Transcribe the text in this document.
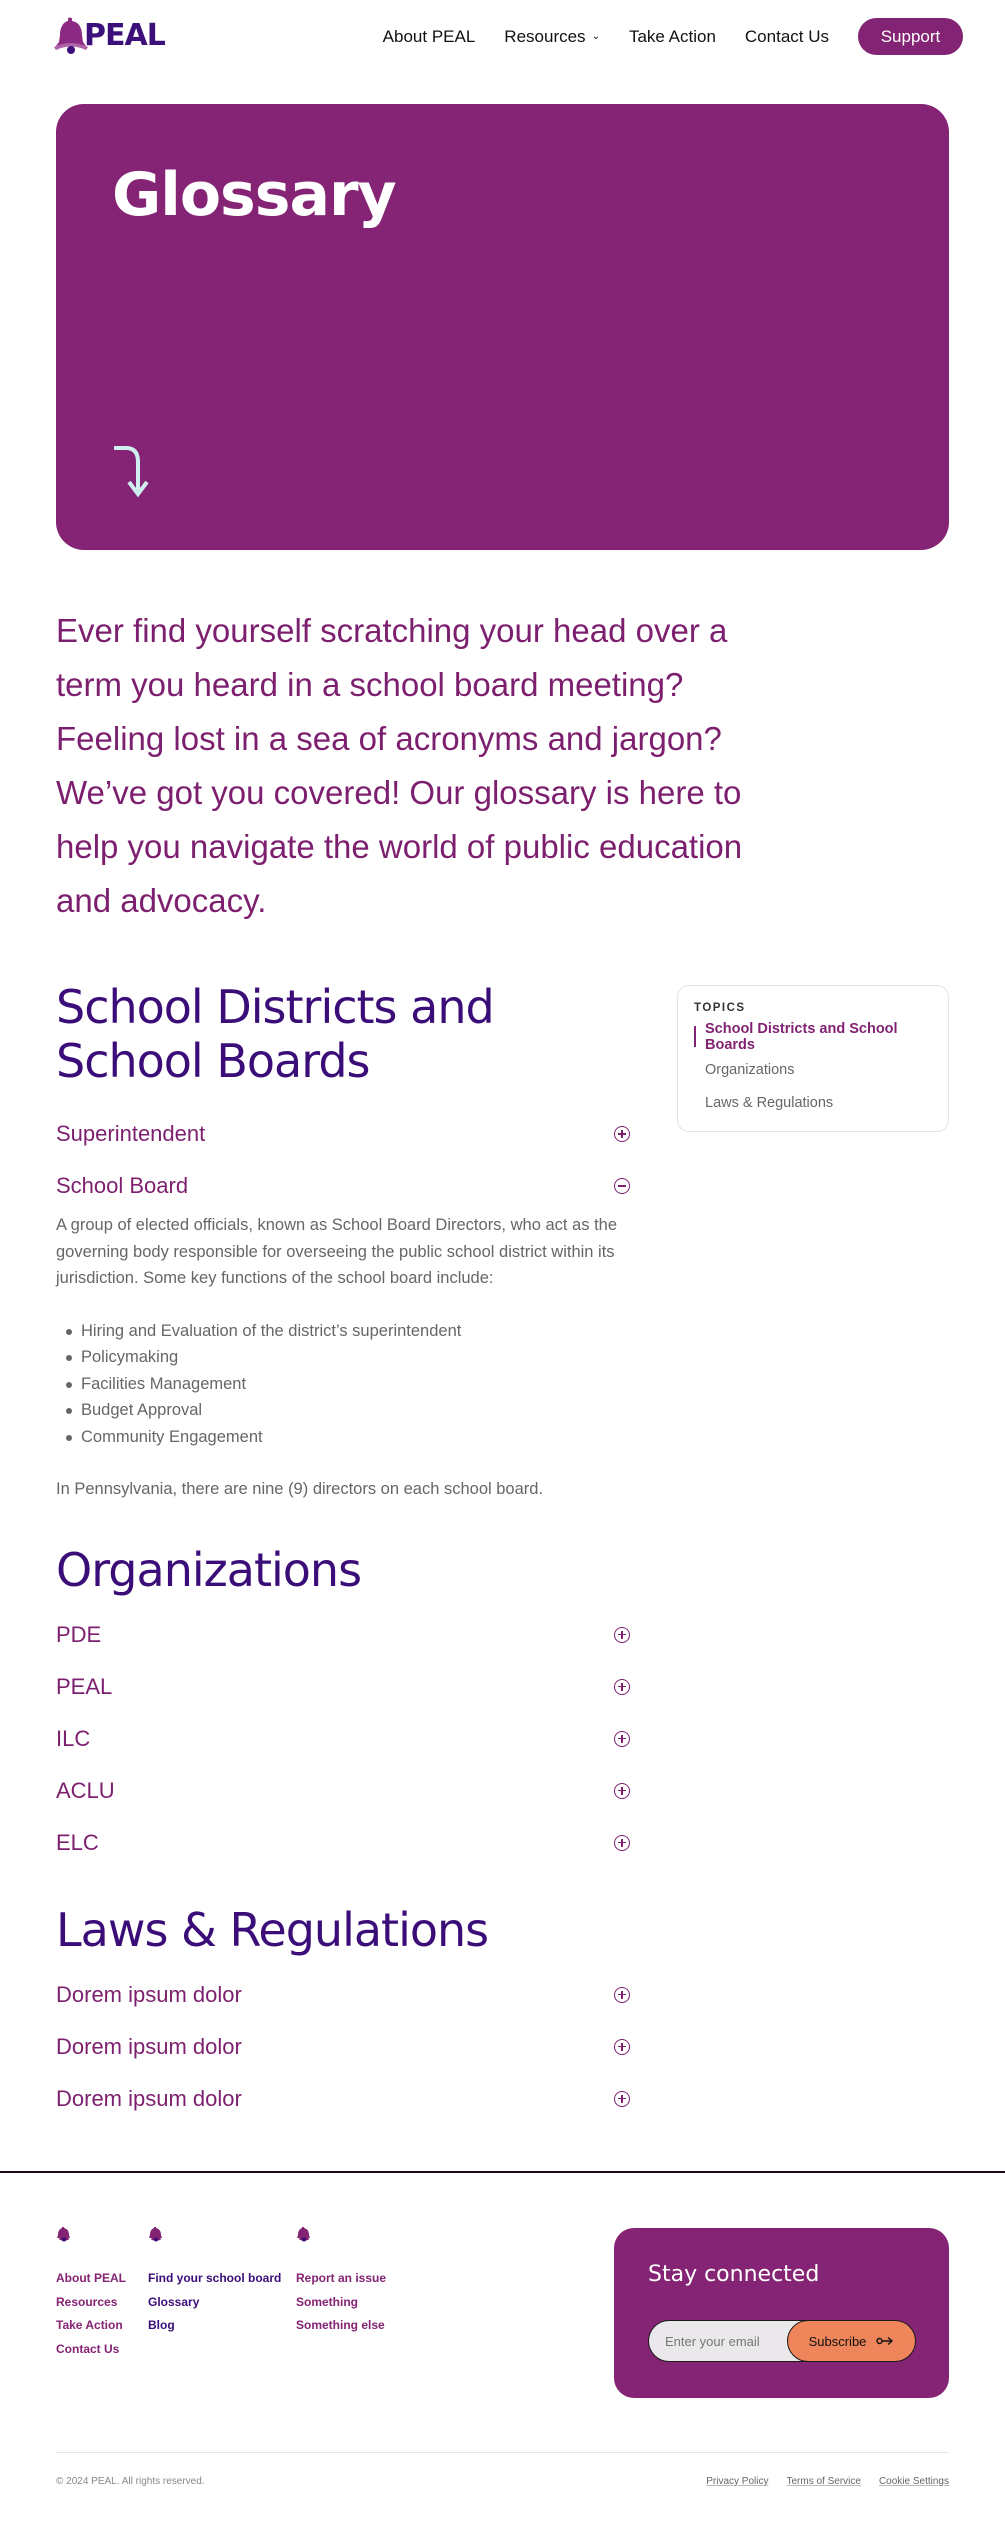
PEAL	About PEAL Resources ⌄ Take Action Contact Us	Support
Glossary

Ever find yourself scratching your head over a term you heard in a school board meeting? Feeling lost in a sea of acronyms and jargon? We’ve got you covered! Our glossary is here to help you navigate the world of public education and advocacy.

School Districts and School Boards
Superintendent
School Board

A group of elected officials, known as School Board Directors, who act as the governing body responsible for overseeing the public school district within its jurisdiction. Some key functions of the school board include:

Hiring and Evaluation of the district’s superintendent
Policymaking
Facilities Management
Budget Approval
Community Engagement

In Pennsylvania, there are nine (9) directors on each school board.

Organizations
PDE
PEAL
ILC
ACLU
ELC
Laws & Regulations
Dorem ipsum dolor
Dorem ipsum dolor
Dorem ipsum dolor
TOPICS
School Districts and School Boards
Organizations
Laws & Regulations
About PEAL
Resources
Take Action
Contact Us
Find your school board
Glossary
Blog
Report an issue
Something
Something else
Stay connected
Enter your email
Subscribe
© 2024 PEAL. All rights reserved.	Privacy Policy Terms of Service Cookie Settings
